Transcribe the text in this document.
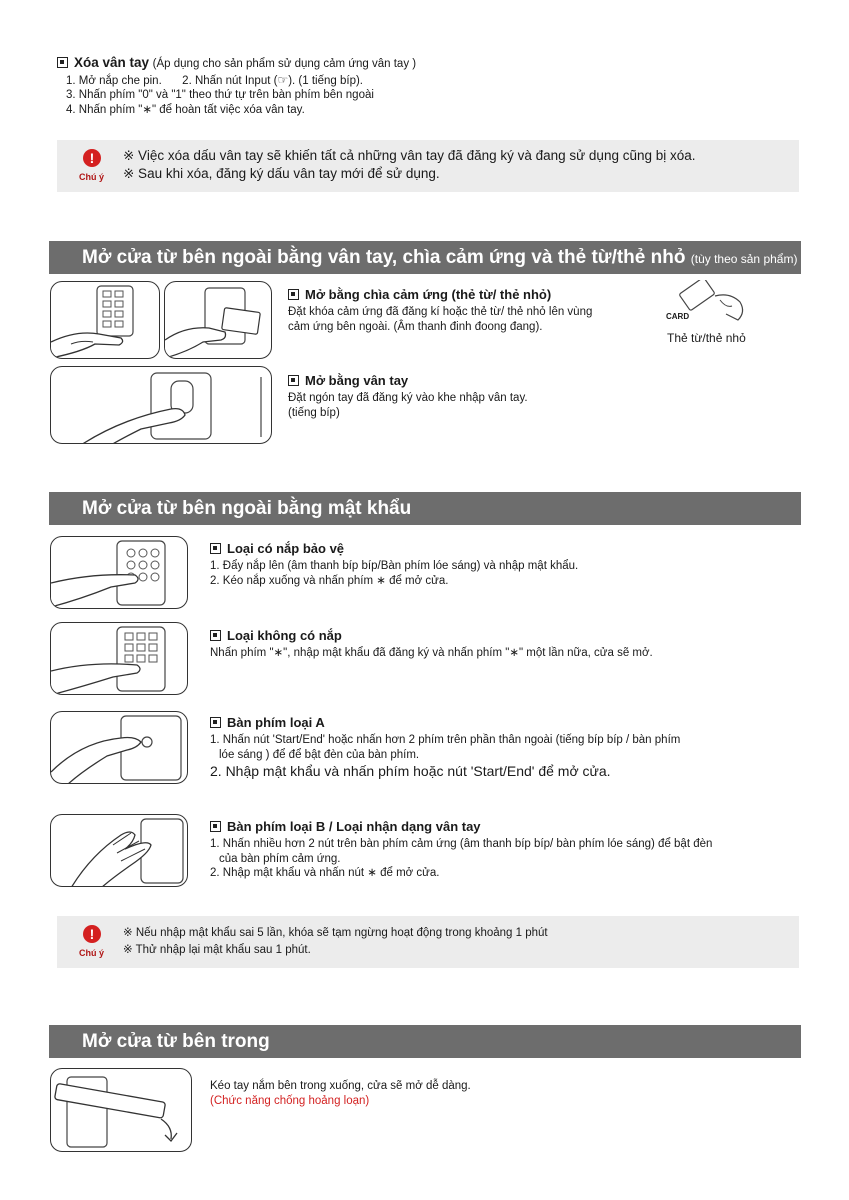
Xóa vân tay (Áp dụng cho sản phẩm sử dụng cảm ứng vân tay )
1. Mở nắp che pin. 2. Nhấn nút Input (☞). (1 tiếng bíp).
3. Nhấn phím "0" và "1" theo thứ tự trên bàn phím bên ngoài
4. Nhấn phím "∗" để hoàn tất việc xóa vân tay.
!
Chú ý
※ Việc xóa dấu vân tay sẽ khiến tất cả những vân tay đã đăng ký và đang sử dụng cũng bị xóa.
※ Sau khi xóa, đăng ký dấu vân tay mới để sử dụng.
Mở cửa từ bên ngoài bằng vân tay, chìa cảm ứng và thẻ từ/thẻ nhỏ (tùy theo sản phẩm)
Mở bằng chìa cảm ứng (thẻ từ/ thẻ nhỏ)
Đặt khóa cảm ứng đã đăng kí hoặc thẻ từ/ thẻ nhỏ lên vùng
cảm ứng bên ngoài. (Âm thanh đinh đoong đang).
CARD
Thẻ từ/thẻ nhỏ
Mở bằng vân tay
Đặt ngón tay đã đăng ký vào khe nhập vân tay.
(tiếng bíp)
Mở cửa từ bên ngoài bằng mật khẩu
Loại có nắp bảo vệ
1. Đẩy nắp lên (âm thanh bíp bíp/Bàn phím lóe sáng) và nhập mật khẩu.
2. Kéo nắp xuống và nhấn phím ∗ để mở cửa.
Loại không có nắp
Nhấn phím "∗", nhập mật khẩu đã đăng ký và nhấn phím "∗" một lần nữa, cửa sẽ mở.
Bàn phím loại A
1. Nhấn nút 'Start/End' hoặc nhấn hơn 2 phím trên phần thân ngoài (tiếng bíp bíp / bàn phím
lóe sáng ) để để bật đèn của bàn phím.
2. Nhập mật khẩu và nhấn phím hoặc nút 'Start/End' để mở cửa.
Bàn phím loại B / Loại nhận dạng vân tay
1. Nhấn nhiều hơn 2 nút trên bàn phím cảm ứng (âm thanh bíp bíp/ bàn phím lóe sáng) để bật đèn
của bàn phím cảm ứng.
2. Nhập mật khẩu và nhấn nút ∗ để mở cửa.
!
Chú ý
※ Nếu nhập mật khẩu sai 5 lần, khóa sẽ tạm ngừng hoạt động trong khoảng 1 phút
※ Thử nhập lại mật khẩu sau 1 phút.
Mở cửa từ bên trong
Kéo tay nắm bên trong xuống, cửa sẽ mở dễ dàng.
(Chức năng chống hoảng loạn)
